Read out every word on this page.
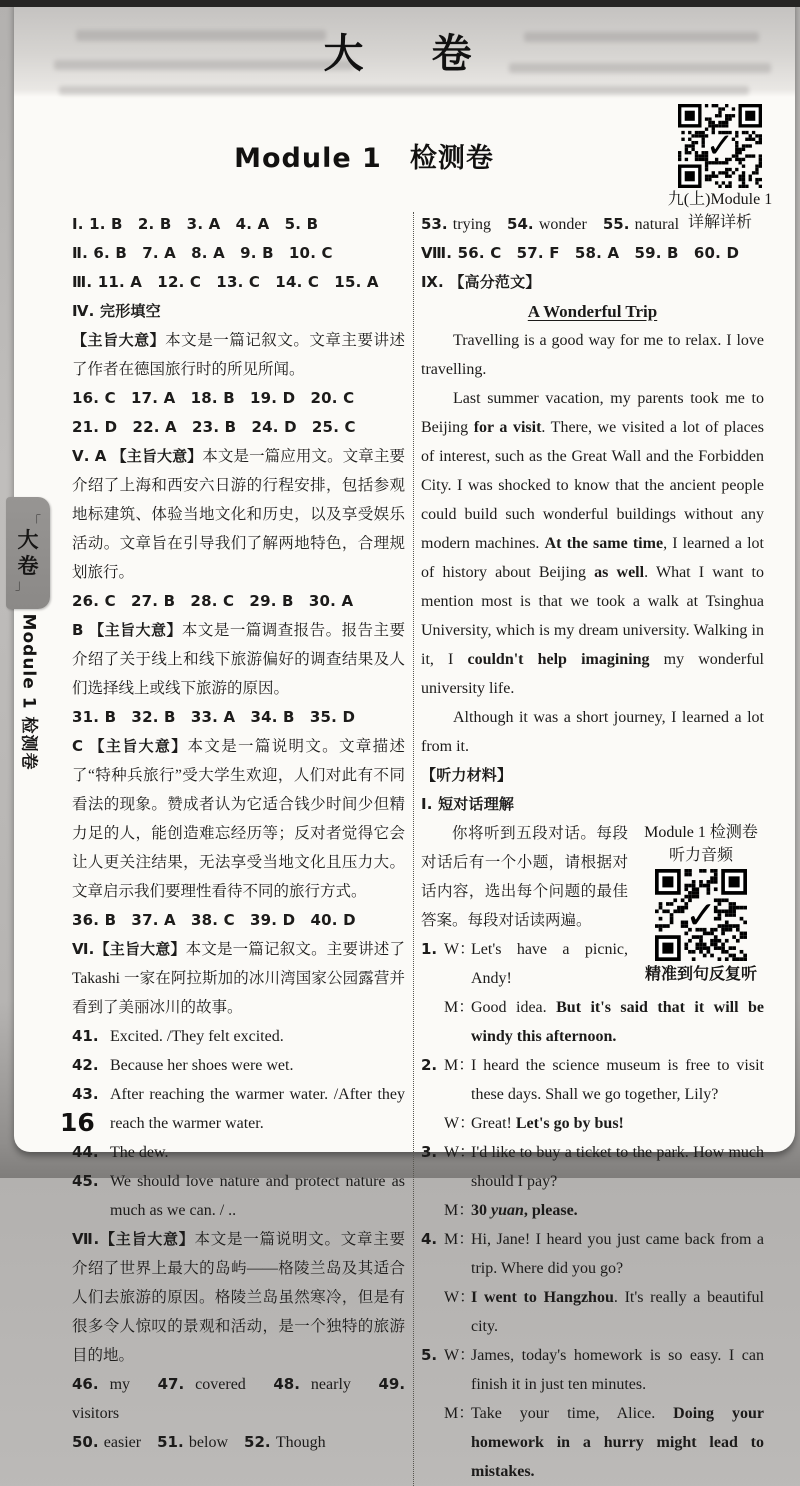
大　卷
Module 1　检测卷	✓
九(上)Module 1
详解详析
Ⅰ. 1. B　2. B　3. A　4. A　5. B
Ⅱ. 6. B　7. A　8. A　9. B　10. C
Ⅲ. 11. A　12. C　13. C　14. C　15. A
Ⅳ. 完形填空
【主旨大意】本文是一篇记叙文。文章主要讲述了作者在德国旅行时的所见所闻。
16. C　17. A　18. B　19. D　20. C
21. D　22. A　23. B　24. D　25. C
Ⅴ. A 【主旨大意】本文是一篇应用文。文章主要介绍了上海和西安六日游的行程安排，包括参观地标建筑、体验当地文化和历史，以及享受娱乐活动。文章旨在引导我们了解两地特色，合理规划旅行。
26. C　27. B　28. C　29. B　30. A
B 【主旨大意】本文是一篇调查报告。报告主要介绍了关于线上和线下旅游偏好的调查结果及人们选择线上或线下旅游的原因。
31. B　32. B　33. A　34. B　35. D
C 【主旨大意】本文是一篇说明文。文章描述了“特种兵旅行”受大学生欢迎，人们对此有不同看法的现象。赞成者认为它适合钱少时间少但精力足的人，能创造难忘经历等；反对者觉得它会让人更关注结果，无法享受当地文化且压力大。文章启示我们要理性看待不同的旅行方式。
36. B　37. A　38. C　39. D　40. D
Ⅵ.【主旨大意】本文是一篇记叙文。主要讲述了 Takashi 一家在阿拉斯加的冰川湾国家公园露营并看到了美丽冰川的故事。
41. Excited. /They felt excited.
42. Because her shoes were wet.
43. After reaching the warmer water. /After they reach the warmer water.
44. The dew.
45. We should love nature and protect nature as much as we can. / ..
Ⅶ.【主旨大意】本文是一篇说明文。文章主要介绍了世界上最大的岛屿——格陵兰岛及其适合人们去旅游的原因。格陵兰岛虽然寒冷，但是有很多令人惊叹的景观和活动，是一个独特的旅游目的地。
46. my　47. covered　48. nearly　49. visitors
50. easier　51. below　52. Though
53. trying　54. wonder　55. natural
Ⅷ. 56. C　57. F　58. A　59. B　60. D
Ⅸ. 【高分范文】
A Wonderful Trip
Travelling is a good way for me to relax. I love travelling.
Last summer vacation, my parents took me to Beijing for a visit. There, we visited a lot of places of interest, such as the Great Wall and the Forbidden City. I was shocked to know that the ancient people could build such wonderful buildings without any modern machines. At the same time, I learned a lot of history about Beijing as well. What I want to mention most is that we took a walk at Tsinghua University, which is my dream university. Walking in it, I couldn't help imagining my wonderful university life.
Although it was a short journey, I learned a lot from it.
【听力材料】
Ⅰ. 短对话理解
Module 1 检测卷
听力音频
✓
精准到句反复听
你将听到五段对话。每段对话后有一个小题，请根据对话内容，选出每个问题的最佳答案。每段对话读两遍。
1. W：
Let's have a picnic, Andy!
M：
Good idea. But it's said that it will be windy this afternoon.
2. M：
I heard the science museum is free to visit these days. Shall we go together, Lily?
W：
Great! Let's go by bus!
3. W：
I'd like to buy a ticket to the park. How much should I pay?
M：
30 yuan, please.
4. M：
Hi, Jane! I heard you just came back from a trip. Where did you go?
W：
I went to Hangzhou. It's really a beautiful city.
5. W：
James, today's homework is so easy. I can finish it in just ten minutes.
M：
Take your time, Alice. Doing your homework in a hurry might lead to mistakes.
16
「
大
卷
」
Module 1 检测卷
